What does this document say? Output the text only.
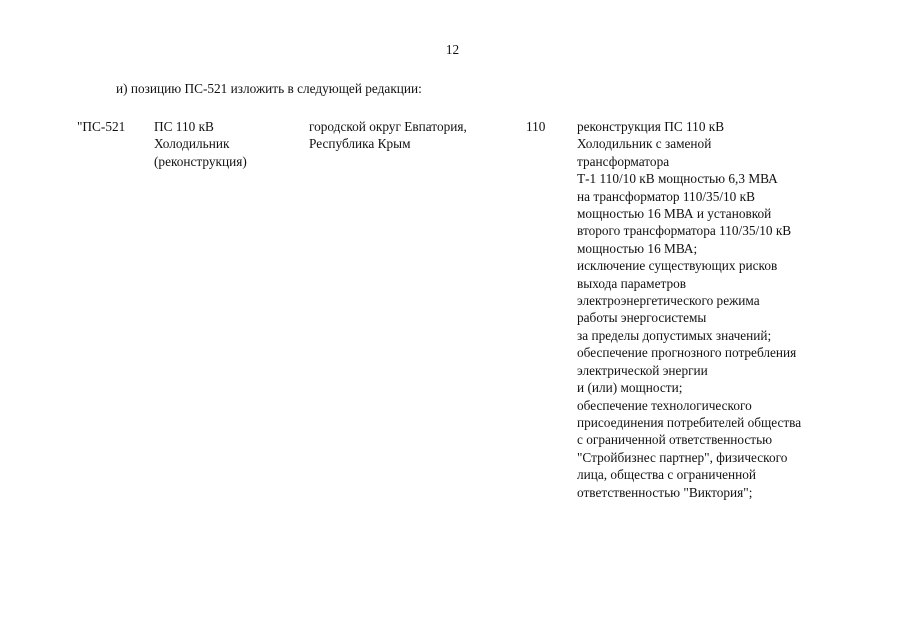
12
и) позицию ПС-521 изложить в следующей редакции:
"ПС-521 ПС 110 кВ
Холодильник
(реконструкция)
городской округ Евпатория,
Республика Крым
110 реконструкция ПС 110 кВ
Холодильник с заменой
трансформатора
Т-1 110/10 кВ мощностью 6,3 МВА
на трансформатор 110/35/10 кВ
мощностью 16 МВА и установкой
второго трансформатора 110/35/10 кВ
мощностью 16 МВА;
исключение существующих рисков
выхода параметров
электроэнергетического режима
работы энергосистемы
за пределы допустимых значений;
обеспечение прогнозного потребления
электрической энергии
и (или) мощности;
обеспечение технологического
присоединения потребителей общества
с ограниченной ответственностью
"Стройбизнес партнер", физического
лица, общества с ограниченной
ответственностью "Виктория";
